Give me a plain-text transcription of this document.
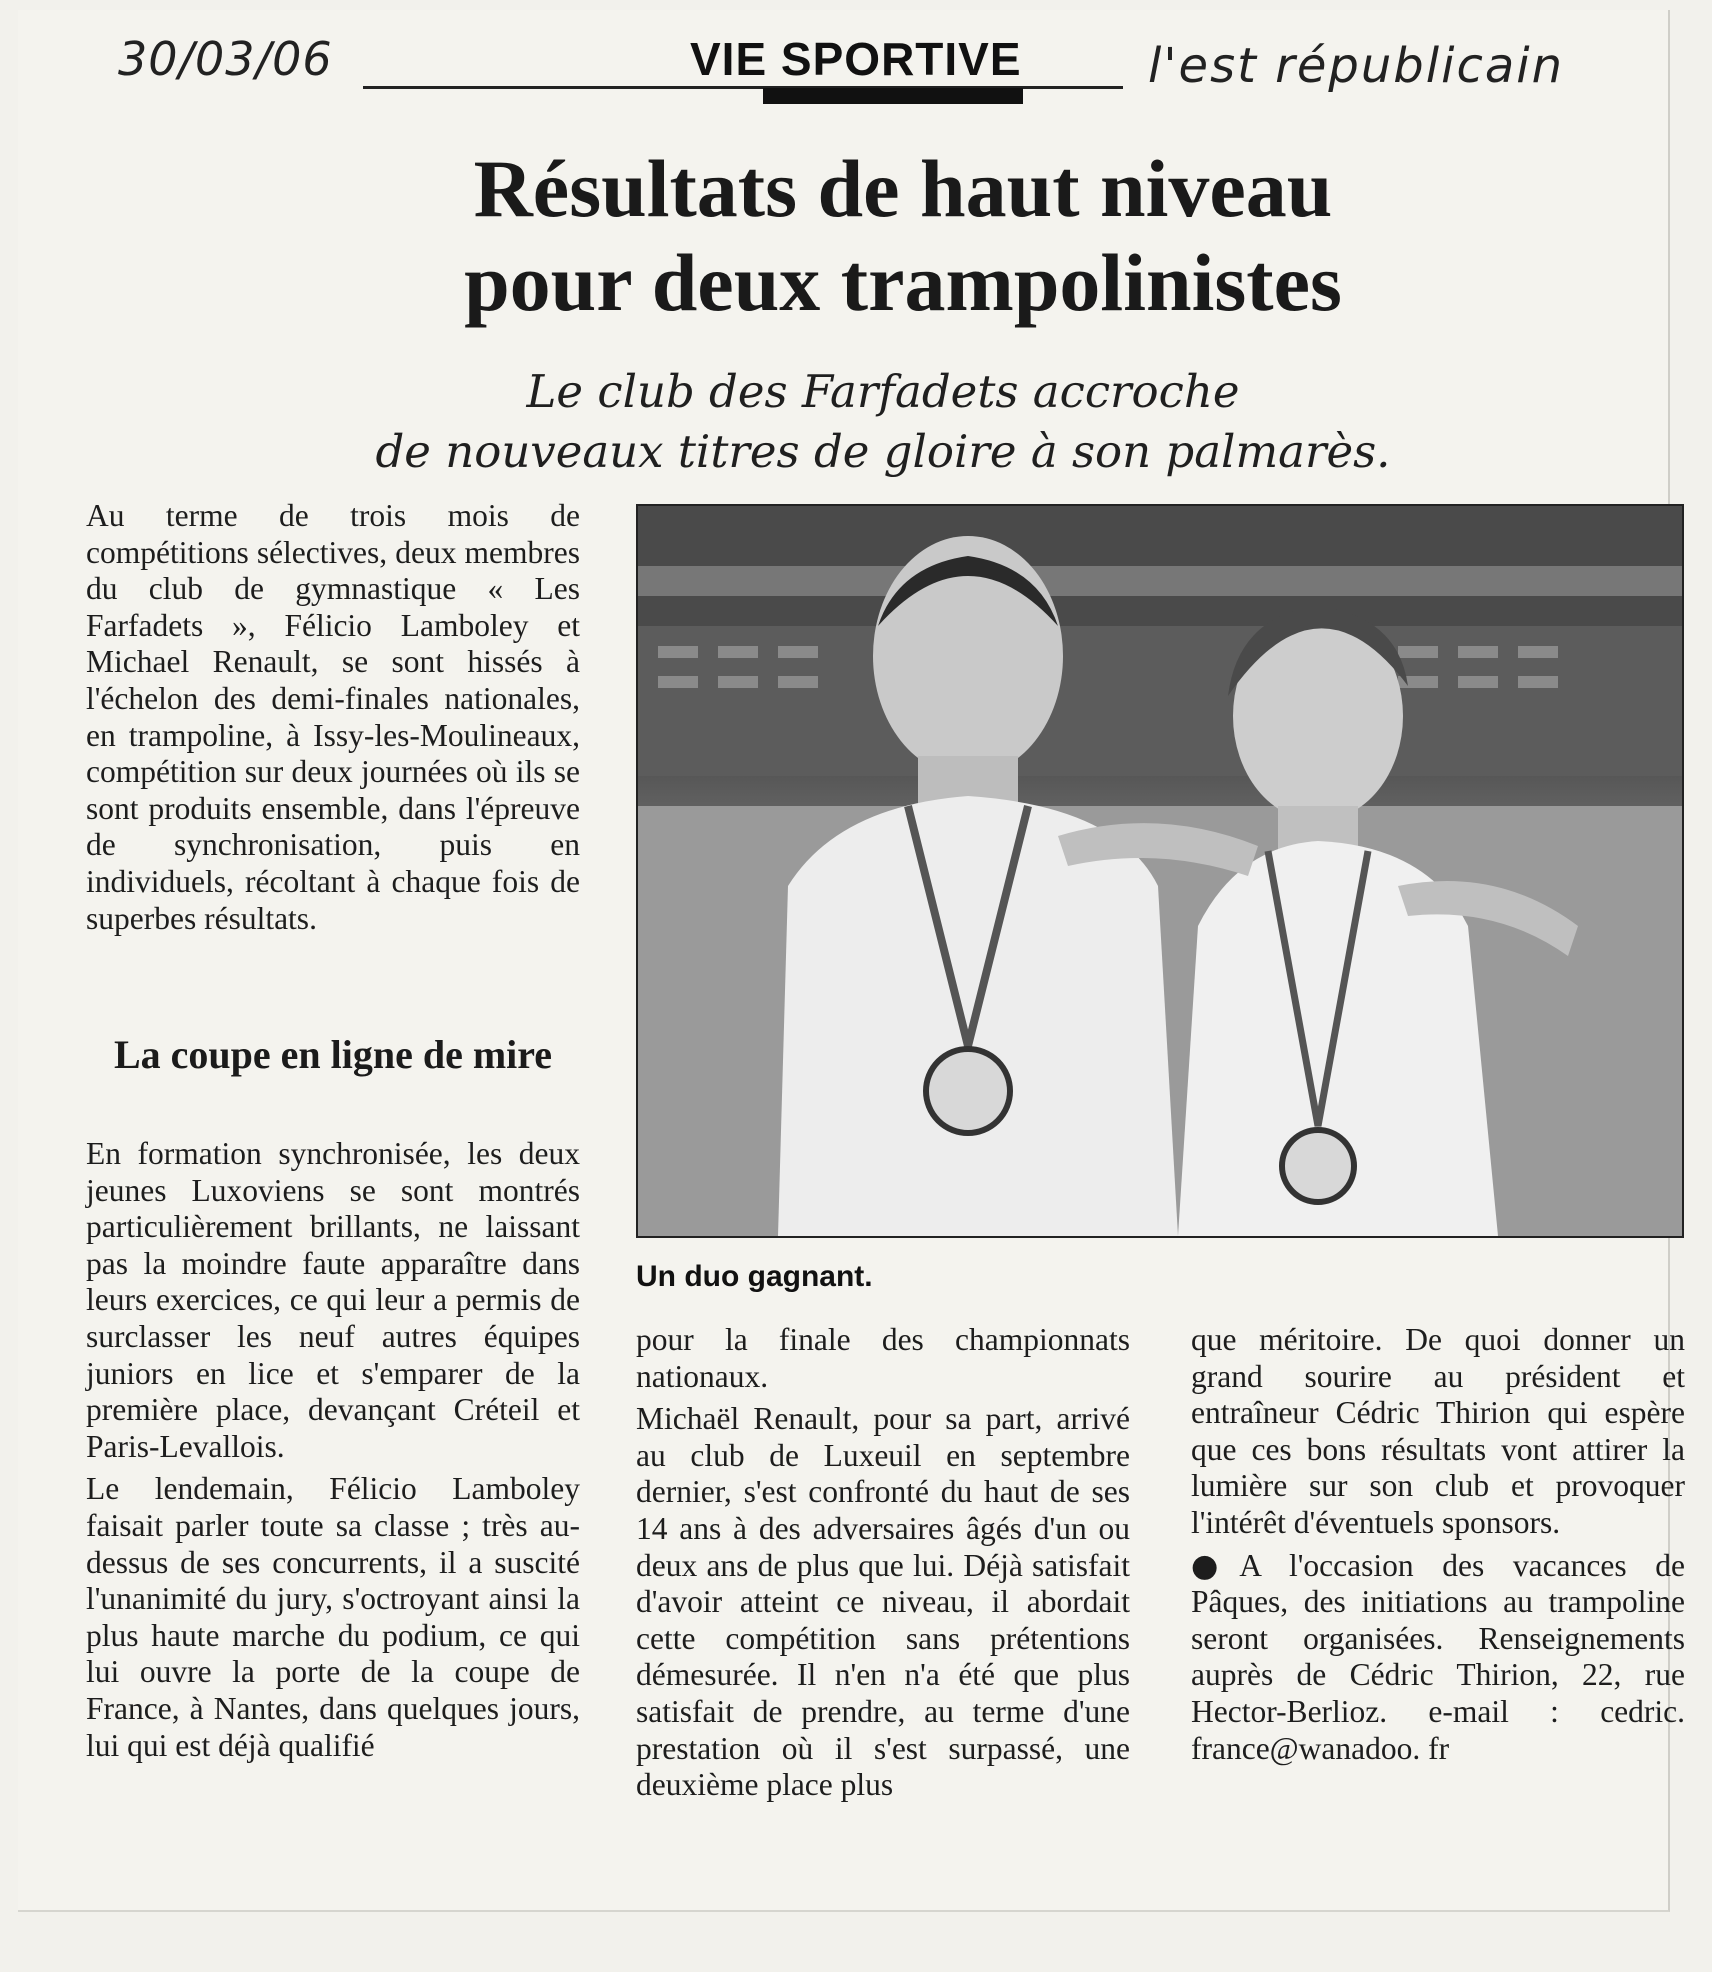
30/03/06	l'est républicain
VIE SPORTIVE
Résultats de haut niveau
pour deux trampolinistes
Le club des Farfadets accroche
de nouveaux titres de gloire à son palmarès.

Au terme de trois mois de compétitions sélectives, deux membres du club de gymnastique « Les Farfadets », Félicio Lamboley et Michael Renault, se sont hissés à l'échelon des demi-finales nationales, en trampoline, à Issy-les-Moulineaux, compétition sur deux journées où ils se sont produits ensemble, dans l'épreuve de synchronisation, puis en individuels, récoltant à chaque fois de superbes résultats.

La coupe en ligne de mire

En formation synchronisée, les deux jeunes Luxoviens se sont montrés particulièrement brillants, ne laissant pas la moindre faute apparaître dans leurs exercices, ce qui leur a permis de surclasser les neuf autres équipes juniors en lice et s'emparer de la première place, devançant Créteil et Paris-Levallois.

Le lendemain, Félicio Lamboley faisait parler toute sa classe ; très au-dessus de ses concurrents, il a suscité l'unanimité du jury, s'octroyant ainsi la plus haute marche du podium, ce qui lui ouvre la porte de la coupe de France, à Nantes, dans quelques jours, lui qui est déjà qualifié

Un duo gagnant.

pour la finale des championnats nationaux.

Michaël Renault, pour sa part, arrivé au club de Luxeuil en septembre dernier, s'est confronté du haut de ses 14 ans à des adversaires âgés d'un ou deux ans de plus que lui. Déjà satisfait d'avoir atteint ce niveau, il abordait cette compétition sans prétentions démesurée. Il n'en n'a été que plus satisfait de prendre, au terme d'une prestation où il s'est surpassé, une deuxième place plus

que méritoire. De quoi donner un grand sourire au président et entraîneur Cédric Thirion qui espère que ces bons résultats vont attirer la lumière sur son club et provoquer l'intérêt d'éventuels sponsors.

●A l'occasion des vacances de Pâques, des initiations au trampoline seront organisées. Renseignements auprès de Cédric Thirion, 22, rue Hector-Berlioz. e-mail : cedric. france@wanadoo. fr
